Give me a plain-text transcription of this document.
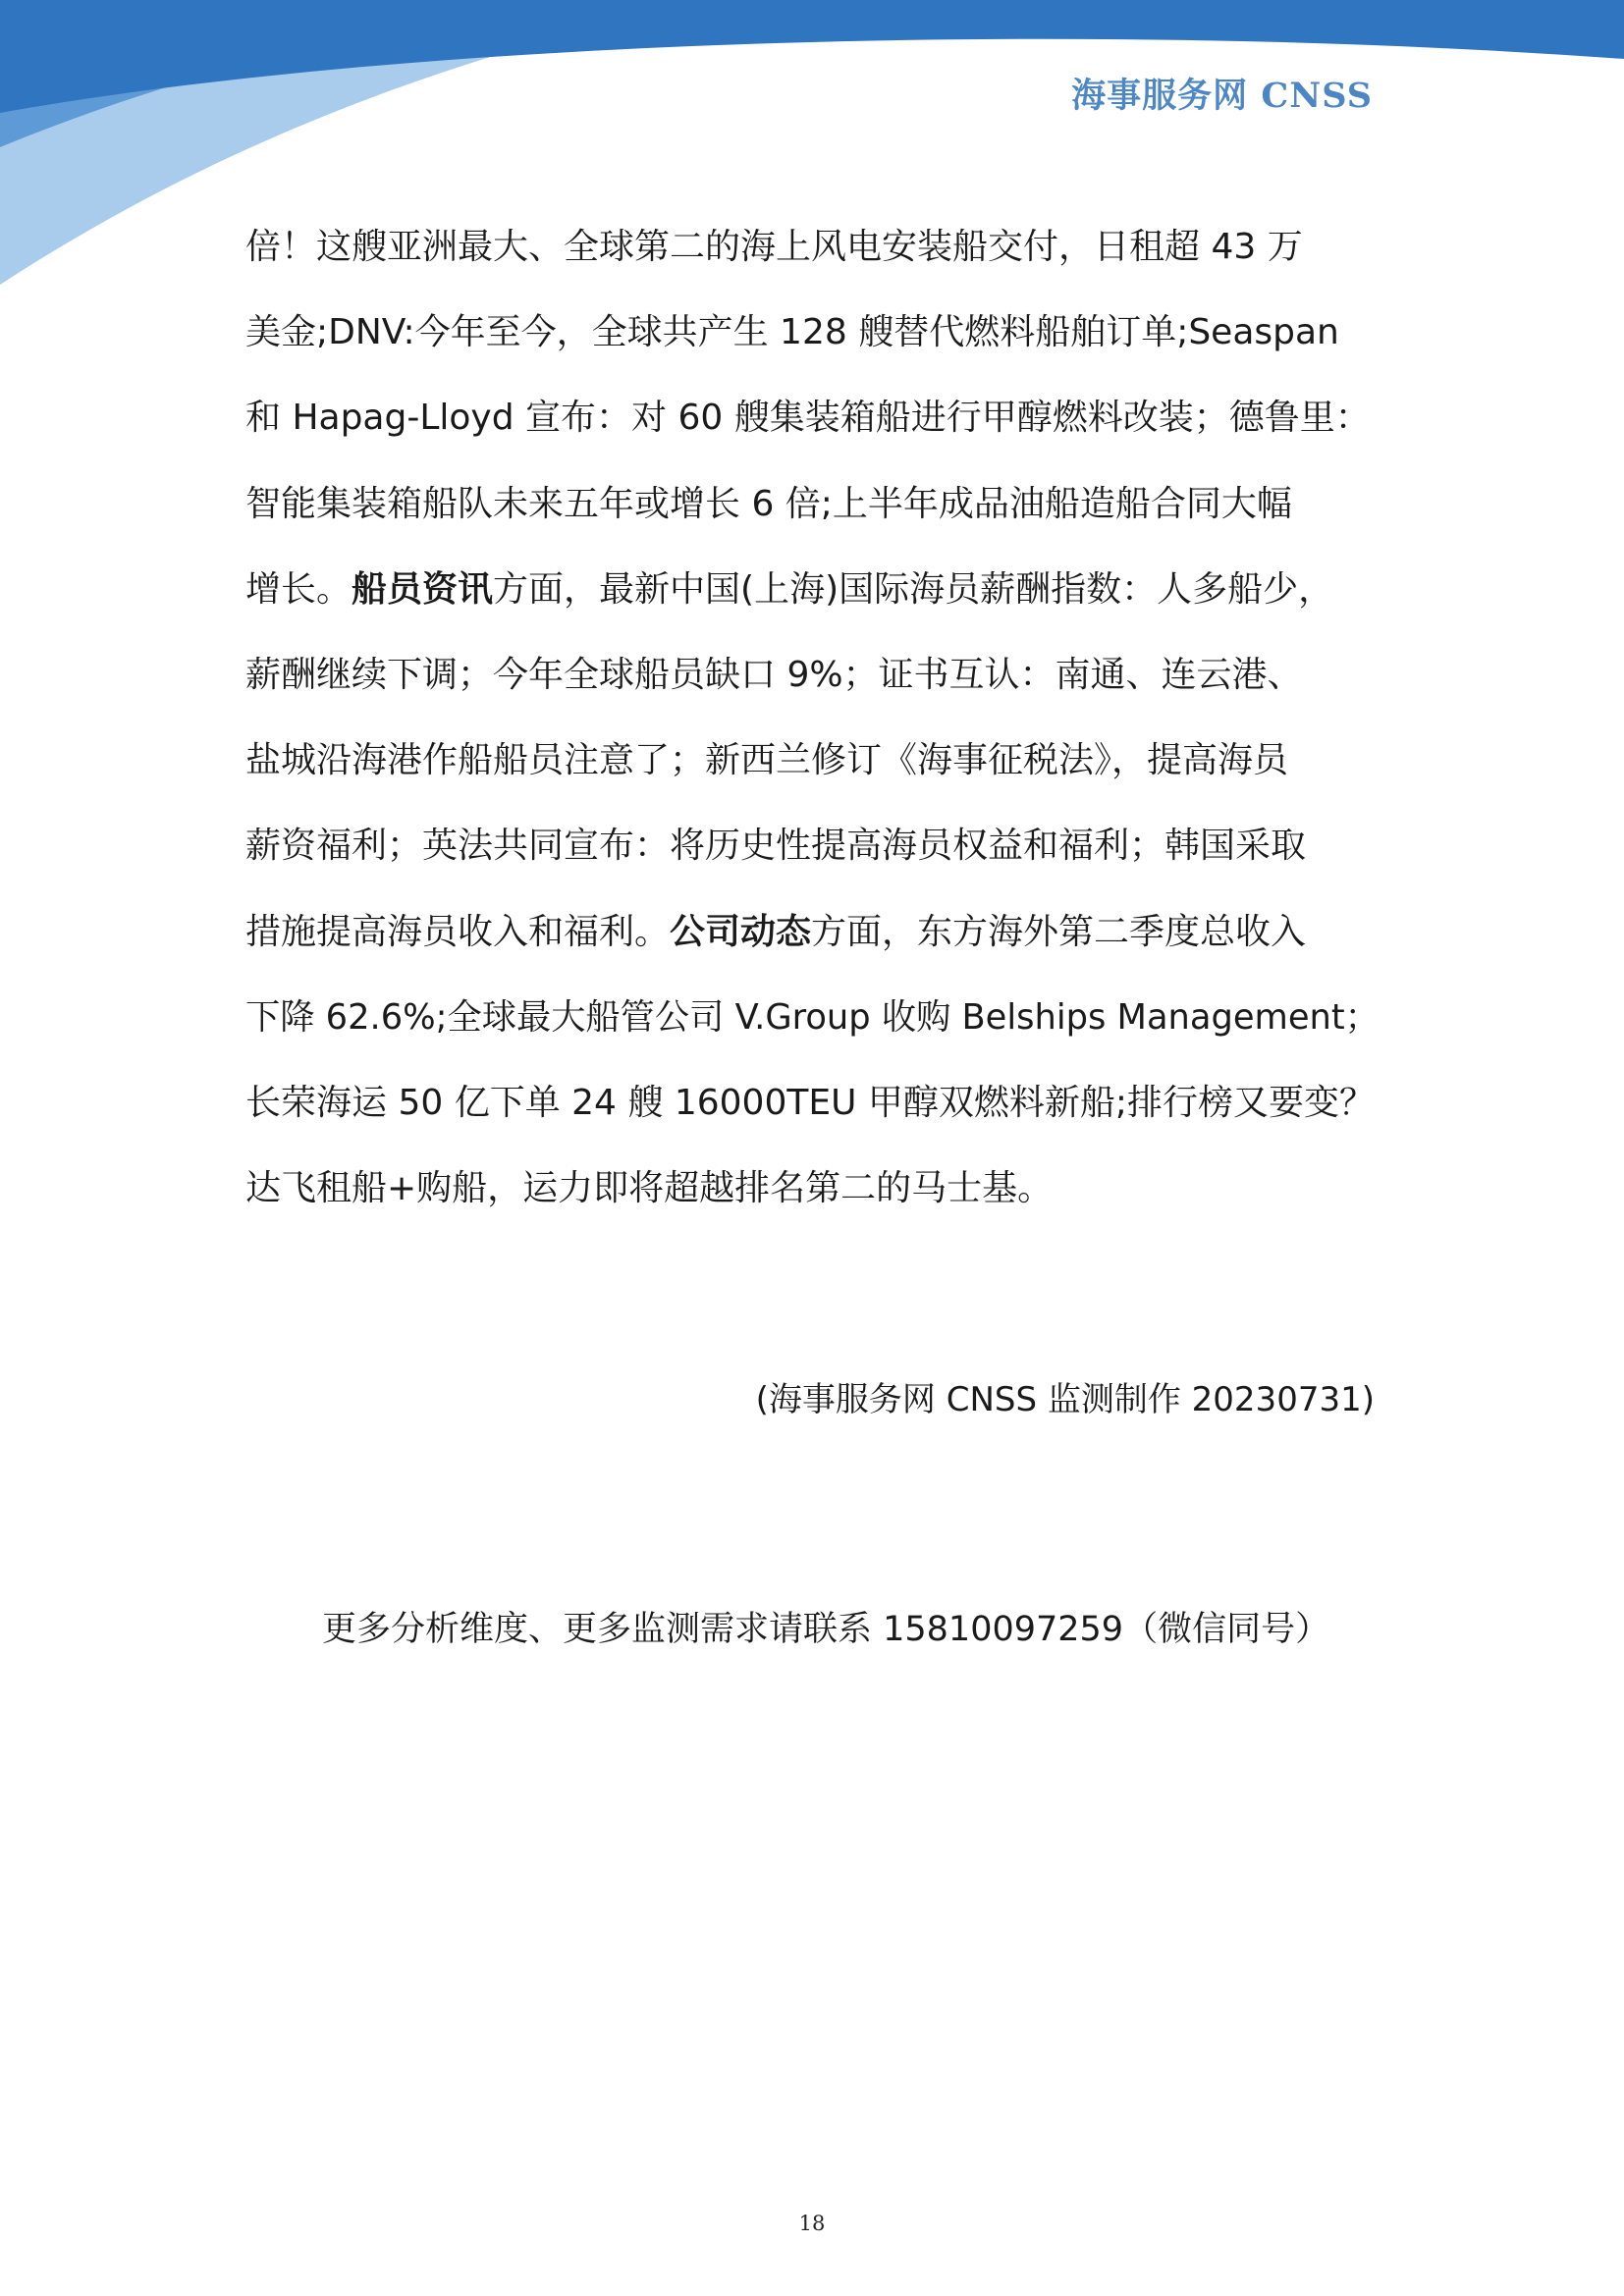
海事服务网 CNSS
倍！这艘亚洲最大、全球第二的海上风电安装船交付，日租超 43 万
美金;DNV:今年至今，全球共产生 128 艘替代燃料船舶订单;Seaspan
和 Hapag-Lloyd 宣布：对 60 艘集装箱船进行甲醇燃料改装；德鲁里：
智能集装箱船队未来五年或增长 6 倍;上半年成品油船造船合同大幅
增长。船员资讯方面，最新中国(上海)国际海员薪酬指数：人多船少，
薪酬继续下调；今年全球船员缺口 9%；证书互认：南通、连云港、
盐城沿海港作船船员注意了；新西兰修订《海事征税法》，提高海员
薪资福利；英法共同宣布：将历史性提高海员权益和福利；韩国采取
措施提高海员收入和福利。公司动态方面，东方海外第二季度总收入
下降 62.6%;全球最大船管公司 V.Group 收购 Belships Management；
长荣海运 50 亿下单 24 艘 16000TEU 甲醇双燃料新船;排行榜又要变？
达飞租船+购船，运力即将超越排名第二的马士基。
(海事服务网 CNSS 监测制作 20230731)
更多分析维度、更多监测需求请联系 15810097259（微信同号）
18
